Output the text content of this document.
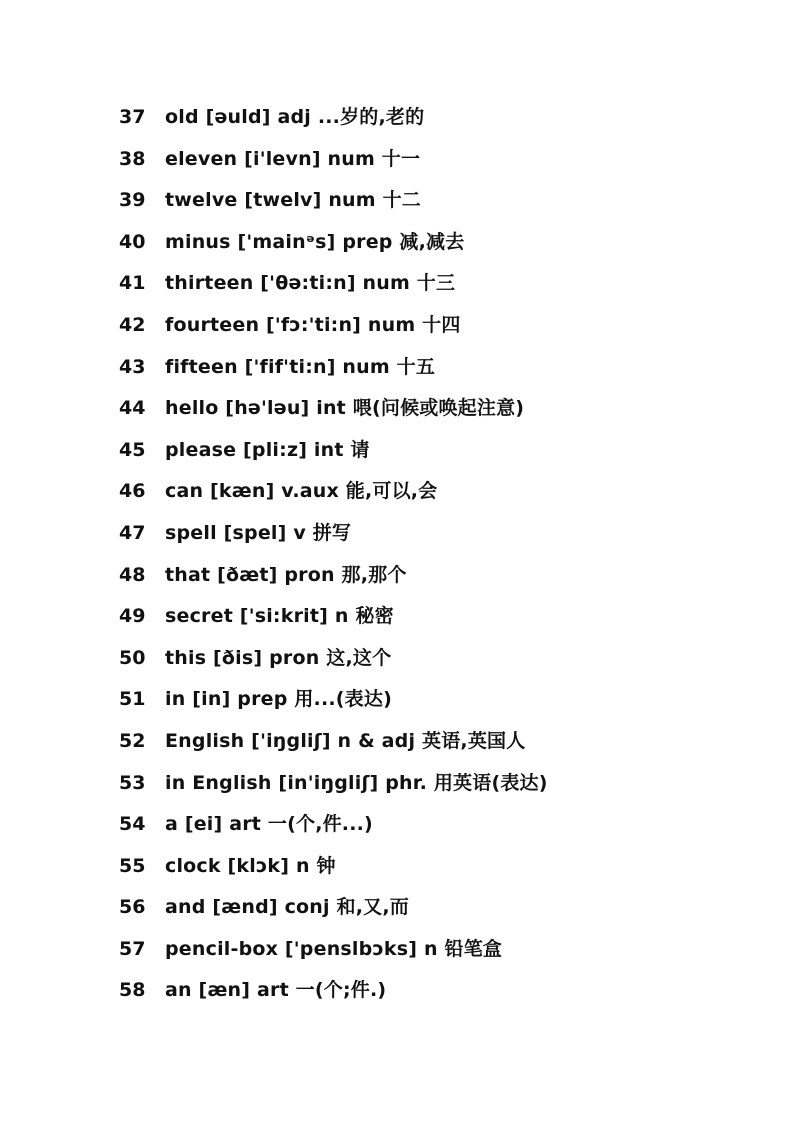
37 old [ǝuld] adj ...岁的,老的
38 eleven [i'levn] num 十一
39 twelve [twelv] num 十二
40 minus ['mainᵊs] prep 减,减去
41 thirteen ['θə:ti:n] num 十三
42 fourteen ['fↄ:'ti:n] num 十四
43 fifteen ['fif'ti:n] num 十五
44 hello [hə'ləu] int 喂(问候或唤起注意)
45 please [pli:z] int 请
46 can [kæn] v.aux 能,可以,会
47 spell [spel] v 拼写
48 that [ðæt] pron 那,那个
49 secret ['si:krit] n 秘密
50 this [ðis] pron 这,这个
51 in [in] prep 用...(表达)
52 English ['iŋgliʃ] n & adj 英语,英国人
53 in English [in'iŋgliʃ] phr. 用英语(表达)
54 a [ei] art 一(个,件...)
55 clock [klↄk] n 钟
56 and [ænd] conj 和,又,而
57 pencil-box ['penslbↄks] n 铅笔盒
58 an [æn] art 一(个;件.)
